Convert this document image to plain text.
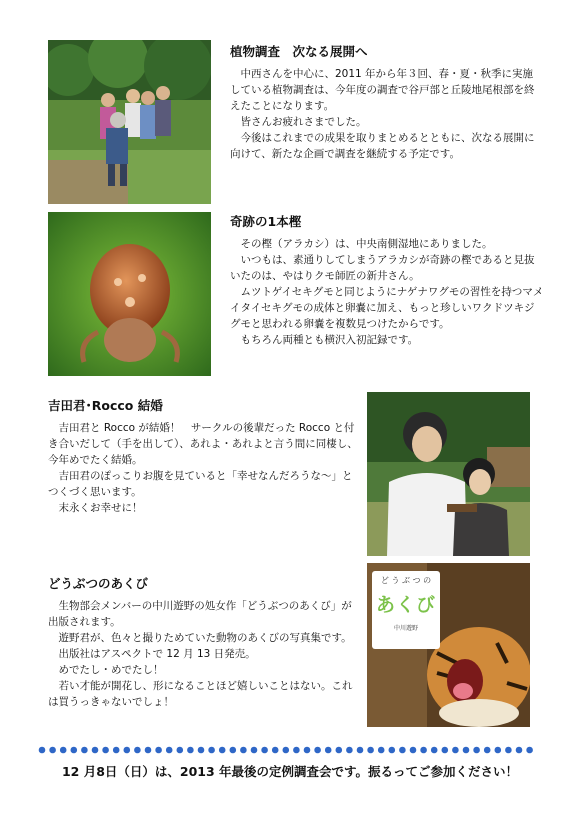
植物調査　次なる展開へ

中西さんを中心に、2011 年から年３回、春・夏・秋季に実施している植物調査は、今年度の調査で谷戸部と丘陵地尾根部を終えたことになります。

皆さんお疲れさまでした。

今後はこれまでの成果を取りまとめるとともに、次なる展開に向けて、新たな企画で調査を継続する予定です。

奇跡の1本樫

その樫（アラカシ）は、中央南側湿地にありました。

いつもは、素通りしてしまうアラカシが奇跡の樫であると見抜いたのは、やはりクモ師匠の新井さん。

ムツトゲイセキグモと同じようにナゲナワグモの習性を持つマメイタイセキグモの成体と卵嚢に加え、もっと珍しいワクドツキジグモと思われる卵嚢を複数見つけたからです。

もちろん両種とも横沢入初記録です。

吉田君･Rocco 結婚

吉田君と Rocco が結婚！　サークルの後輩だった Rocco と付き合いだして（手を出して）、あれよ・あれよと言う間に同棲し、今年めでたく結婚。

吉田君のぽっこりお腹を見ていると「幸せなんだろうな～」とつくづく思います。

末永くお幸せに！

どうぶつのあくび

生物部会メンバーの中川遊野の処女作「どうぶつのあくび」が出版されます。

遊野君が、色々と撮りためていた動物のあくびの写真集です。

出版社はアスペクトで 12 月 13 日発売。

めでたし・めでたし！

若い才能が開花し、形になることほど嬉しいことはない。これは買うっきゃないでしょ！

ど う ぶ つ の
あくび
中川遊野
12 月8日（日）は、2013 年最後の定例調査会です。振るってご参加ください！
